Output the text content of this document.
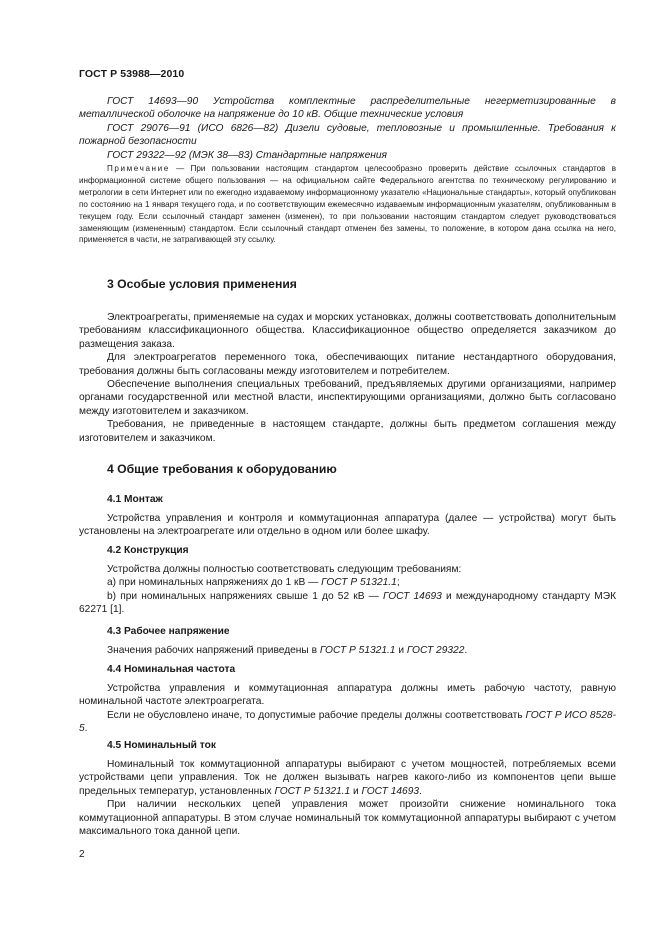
ГОСТ Р 53988—2010

ГОСТ 14693—90 Устройства комплектные распределительные негерметизированные в металлической оболочке на напряжение до 10 кВ. Общие технические условия

ГОСТ 29076—91 (ИСО 6826—82) Дизели судовые, тепловозные и промышленные. Требования к пожарной безопасности

ГОСТ 29322—92 (МЭК 38—83) Стандартные напряжения

Примечание — При пользовании настоящим стандартом целесообразно проверить действие ссылочных стандартов в информационной системе общего пользования — на официальном сайте Федерального агентства по техническому регулированию и метрологии в сети Интернет или по ежегодно издаваемому информационному указателю «Национальные стандарты», который опубликован по состоянию на 1 января текущего года, и по соответствующим ежемесячно издаваемым информационным указателям, опубликованным в текущем году. Если ссылочный стандарт заменен (изменен), то при пользовании настоящим стандартом следует руководствоваться заменяющим (измененным) стандартом. Если ссылочный стандарт отменен без замены, то положение, в котором дана ссылка на него, применяется в части, не затрагивающей эту ссылку.

3 Особые условия применения

Электроагрегаты, применяемые на судах и морских установках, должны соответствовать дополнительным требованиям классификационного общества. Классификационное общество определяется заказчиком до размещения заказа.

Для электроагрегатов переменного тока, обеспечивающих питание нестандартного оборудования, требования должны быть согласованы между изготовителем и потребителем.

Обеспечение выполнения специальных требований, предъявляемых другими организациями, например органами государственной или местной власти, инспектирующими организациями, должно быть согласовано между изготовителем и заказчиком.

Требования, не приведенные в настоящем стандарте, должны быть предметом соглашения между изготовителем и заказчиком.

4 Общие требования к оборудованию
4.1 Монтаж

Устройства управления и контроля и коммутационная аппаратура (далее — устройства) могут быть установлены на электроагрегате или отдельно в одном или более шкафу.

4.2 Конструкция

Устройства должны полностью соответствовать следующим требованиям:

a) при номинальных напряжениях до 1 кВ — ГОСТ Р 51321.1;

b) при номинальных напряжениях свыше 1 до 52 кВ — ГОСТ 14693 и международному стандарту МЭК 62271 [1].

4.3 Рабочее напряжение

Значения рабочих напряжений приведены в ГОСТ Р 51321.1 и ГОСТ 29322.

4.4 Номинальная частота

Устройства управления и коммутационная аппаратура должны иметь рабочую частоту, равную номинальной частоте электроагрегата.

Если не обусловлено иначе, то допустимые рабочие пределы должны соответствовать ГОСТ Р ИСО 8528-5.

4.5 Номинальный ток

Номинальный ток коммутационной аппаратуры выбирают с учетом мощностей, потребляемых всеми устройствами цепи управления. Ток не должен вызывать нагрев какого-либо из компонентов цепи выше предельных температур, установленных ГОСТ Р 51321.1 и ГОСТ 14693.

При наличии нескольких цепей управления может произойти снижение номинального тока коммутационной аппаратуры. В этом случае номинальный ток коммутационной аппаратуры выбирают с учетом максимального тока данной цепи.

2
